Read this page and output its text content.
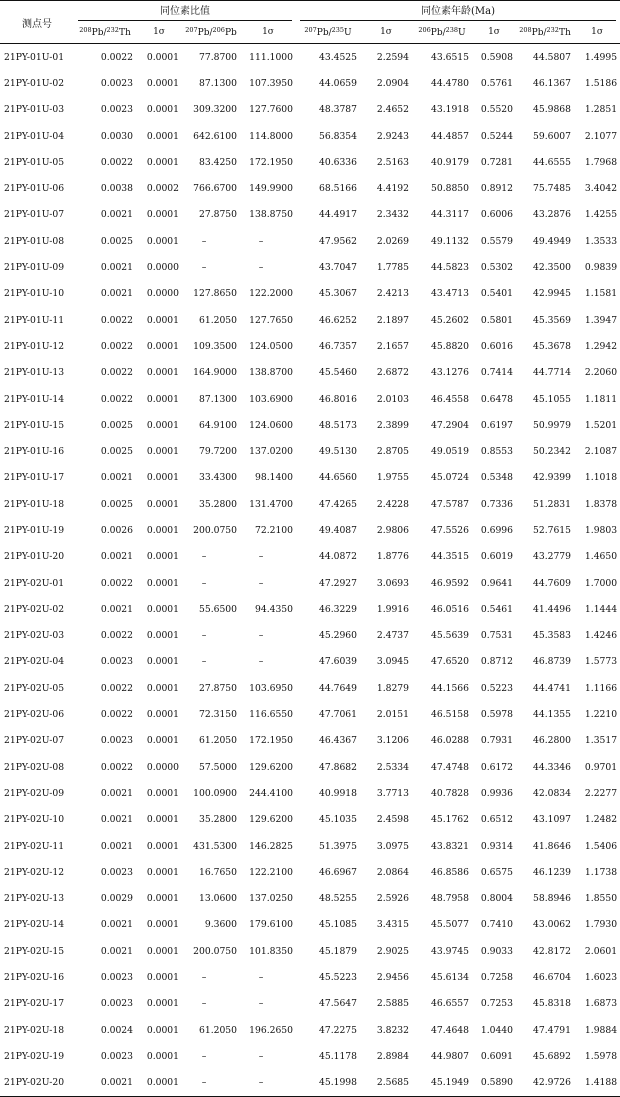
测点号	同位素比值				同位素年龄(Ma)					

	$^{208}$Pb/$^{232}$Th	1σ	$^{207}$Pb/$^{206}$Pb	1σ	$^{207}$Pb/$^{235}$U	1σ	$^{206}$Pb/$^{238}$U	1σ	$^{208}$Pb/$^{232}$Th	1σ
21PY-01U-01	0.0022	0.0001	77.8700	111.1000	43.4525	2.2594	43.6515	0.5908	44.5807	1.4995
21PY-01U-02	0.0023	0.0001	87.1300	107.3950	44.0659	2.0904	44.4780	0.5761	46.1367	1.5186
21PY-01U-03	0.0023	0.0001	309.3200	127.7600	48.3787	2.4652	43.1918	0.5520	45.9868	1.2851
21PY-01U-04	0.0030	0.0001	642.6100	114.8000	56.8354	2.9243	44.4857	0.5244	59.6007	2.1077
21PY-01U-05	0.0022	0.0001	83.4250	172.1950	40.6336	2.5163	40.9179	0.7281	44.6555	1.7968
21PY-01U-06	0.0038	0.0002	766.6700	149.9900	68.5166	4.4192	50.8850	0.8912	75.7485	3.4042
21PY-01U-07	0.0021	0.0001	27.8750	138.8750	44.4917	2.3432	44.3117	0.6006	43.2876	1.4255
21PY-01U-08	0.0025	0.0001	–	–	47.9562	2.0269	49.1132	0.5579	49.4949	1.3533
21PY-01U-09	0.0021	0.0000	–	–	43.7047	1.7785	44.5823	0.5302	42.3500	0.9839
21PY-01U-10	0.0021	0.0000	127.8650	122.2000	45.3067	2.4213	43.4713	0.5401	42.9945	1.1581
21PY-01U-11	0.0022	0.0001	61.2050	127.7650	46.6252	2.1897	45.2602	0.5801	45.3569	1.3947
21PY-01U-12	0.0022	0.0001	109.3500	124.0500	46.7357	2.1657	45.8820	0.6016	45.3678	1.2942
21PY-01U-13	0.0022	0.0001	164.9000	138.8700	45.5460	2.6872	43.1276	0.7414	44.7714	2.2060
21PY-01U-14	0.0022	0.0001	87.1300	103.6900	46.8016	2.0103	46.4558	0.6478	45.1055	1.1811
21PY-01U-15	0.0025	0.0001	64.9100	124.0600	48.5173	2.3899	47.2904	0.6197	50.9979	1.5201
21PY-01U-16	0.0025	0.0001	79.7200	137.0200	49.5130	2.8705	49.0519	0.8553	50.2342	2.1087
21PY-01U-17	0.0021	0.0001	33.4300	98.1400	44.6560	1.9755	45.0724	0.5348	42.9399	1.1018
21PY-01U-18	0.0025	0.0001	35.2800	131.4700	47.4265	2.4228	47.5787	0.7336	51.2831	1.8378
21PY-01U-19	0.0026	0.0001	200.0750	72.2100	49.4087	2.9806	47.5526	0.6996	52.7615	1.9803
21PY-01U-20	0.0021	0.0001	–	–	44.0872	1.8776	44.3515	0.6019	43.2779	1.4650
21PY-02U-01	0.0022	0.0001	–	–	47.2927	3.0693	46.9592	0.9641	44.7609	1.7000
21PY-02U-02	0.0021	0.0001	55.6500	94.4350	46.3229	1.9916	46.0516	0.5461	41.4496	1.1444
21PY-02U-03	0.0022	0.0001	–	–	45.2960	2.4737	45.5639	0.7531	45.3583	1.4246
21PY-02U-04	0.0023	0.0001	–	–	47.6039	3.0945	47.6520	0.8712	46.8739	1.5773
21PY-02U-05	0.0022	0.0001	27.8750	103.6950	44.7649	1.8279	44.1566	0.5223	44.4741	1.1166
21PY-02U-06	0.0022	0.0001	72.3150	116.6550	47.7061	2.0151	46.5158	0.5978	44.1355	1.2210
21PY-02U-07	0.0023	0.0001	61.2050	172.1950	46.4367	3.1206	46.0288	0.7931	46.2800	1.3517
21PY-02U-08	0.0022	0.0000	57.5000	129.6200	47.8682	2.5334	47.4748	0.6172	44.3346	0.9701
21PY-02U-09	0.0021	0.0001	100.0900	244.4100	40.9918	3.7713	40.7828	0.9936	42.0834	2.2277
21PY-02U-10	0.0021	0.0001	35.2800	129.6200	45.1035	2.4598	45.1762	0.6512	43.1097	1.2482
21PY-02U-11	0.0021	0.0001	431.5300	146.2825	51.3975	3.0975	43.8321	0.9314	41.8646	1.5406
21PY-02U-12	0.0023	0.0001	16.7650	122.2100	46.6967	2.0864	46.8586	0.6575	46.1239	1.1738
21PY-02U-13	0.0029	0.0001	13.0600	137.0250	48.5255	2.5926	48.7958	0.8004	58.8946	1.8550
21PY-02U-14	0.0021	0.0001	9.3600	179.6100	45.1085	3.4315	45.5077	0.7410	43.0062	1.7930
21PY-02U-15	0.0021	0.0001	200.0750	101.8350	45.1879	2.9025	43.9745	0.9033	42.8172	2.0601
21PY-02U-16	0.0023	0.0001	–	–	45.5223	2.9456	45.6134	0.7258	46.6704	1.6023
21PY-02U-17	0.0023	0.0001	–	–	47.5647	2.5885	46.6557	0.7253	45.8318	1.6873
21PY-02U-18	0.0024	0.0001	61.2050	196.2650	47.2275	3.8232	47.4648	1.0440	47.4791	1.9884
21PY-02U-19	0.0023	0.0001	–	–	45.1178	2.8984	44.9807	0.6091	45.6892	1.5978
21PY-02U-20	0.0021	0.0001	–	–	45.1998	2.5685	45.1949	0.5890	42.9726	1.4188
